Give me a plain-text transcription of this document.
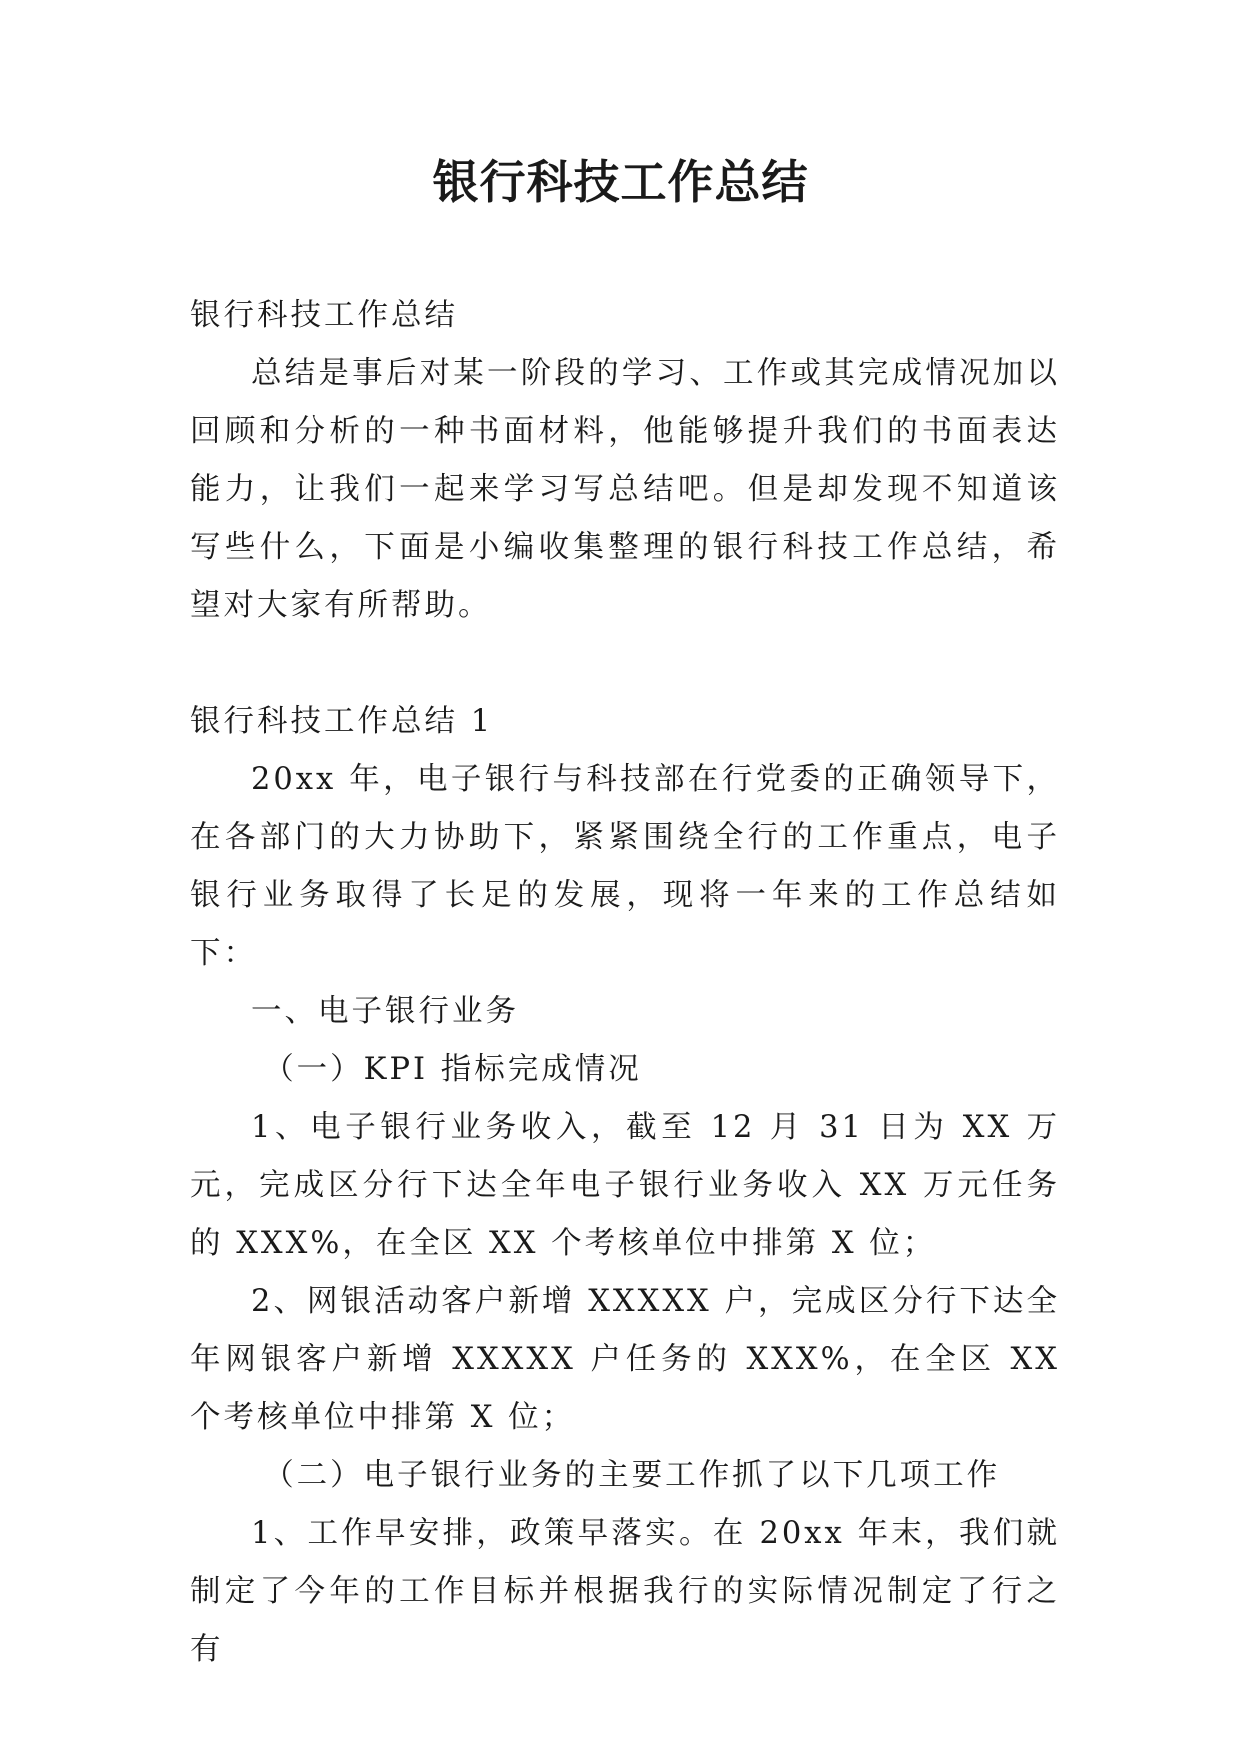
银行科技工作总结

银行科技工作总结

总结是事后对某一阶段的学习、工作或其完成情况加以回顾和分析的一种书面材料，他能够提升我们的书面表达能力，让我们一起来学习写总结吧。但是却发现不知道该写些什么，下面是小编收集整理的银行科技工作总结，希望对大家有所帮助。

银行科技工作总结 1

20xx 年，电子银行与科技部在行党委的正确领导下，在各部门的大力协助下，紧紧围绕全行的工作重点，电子银行业务取得了长足的发展，现将一年来的工作总结如下：

一、电子银行业务

（一）KPI 指标完成情况

1、电子银行业务收入，截至 12 月 31 日为 XX 万元，完成区分行下达全年电子银行业务收入 XX 万元任务的 XXX%，在全区 XX 个考核单位中排第 X 位；

2、网银活动客户新增 XXXXX 户，完成区分行下达全年网银客户新增 XXXXX 户任务的 XXX%，在全区 XX 个考核单位中排第 X 位；

（二）电子银行业务的主要工作抓了以下几项工作

1、工作早安排，政策早落实。在 20xx 年末，我们就制定了今年的工作目标并根据我行的实际情况制定了行之有
